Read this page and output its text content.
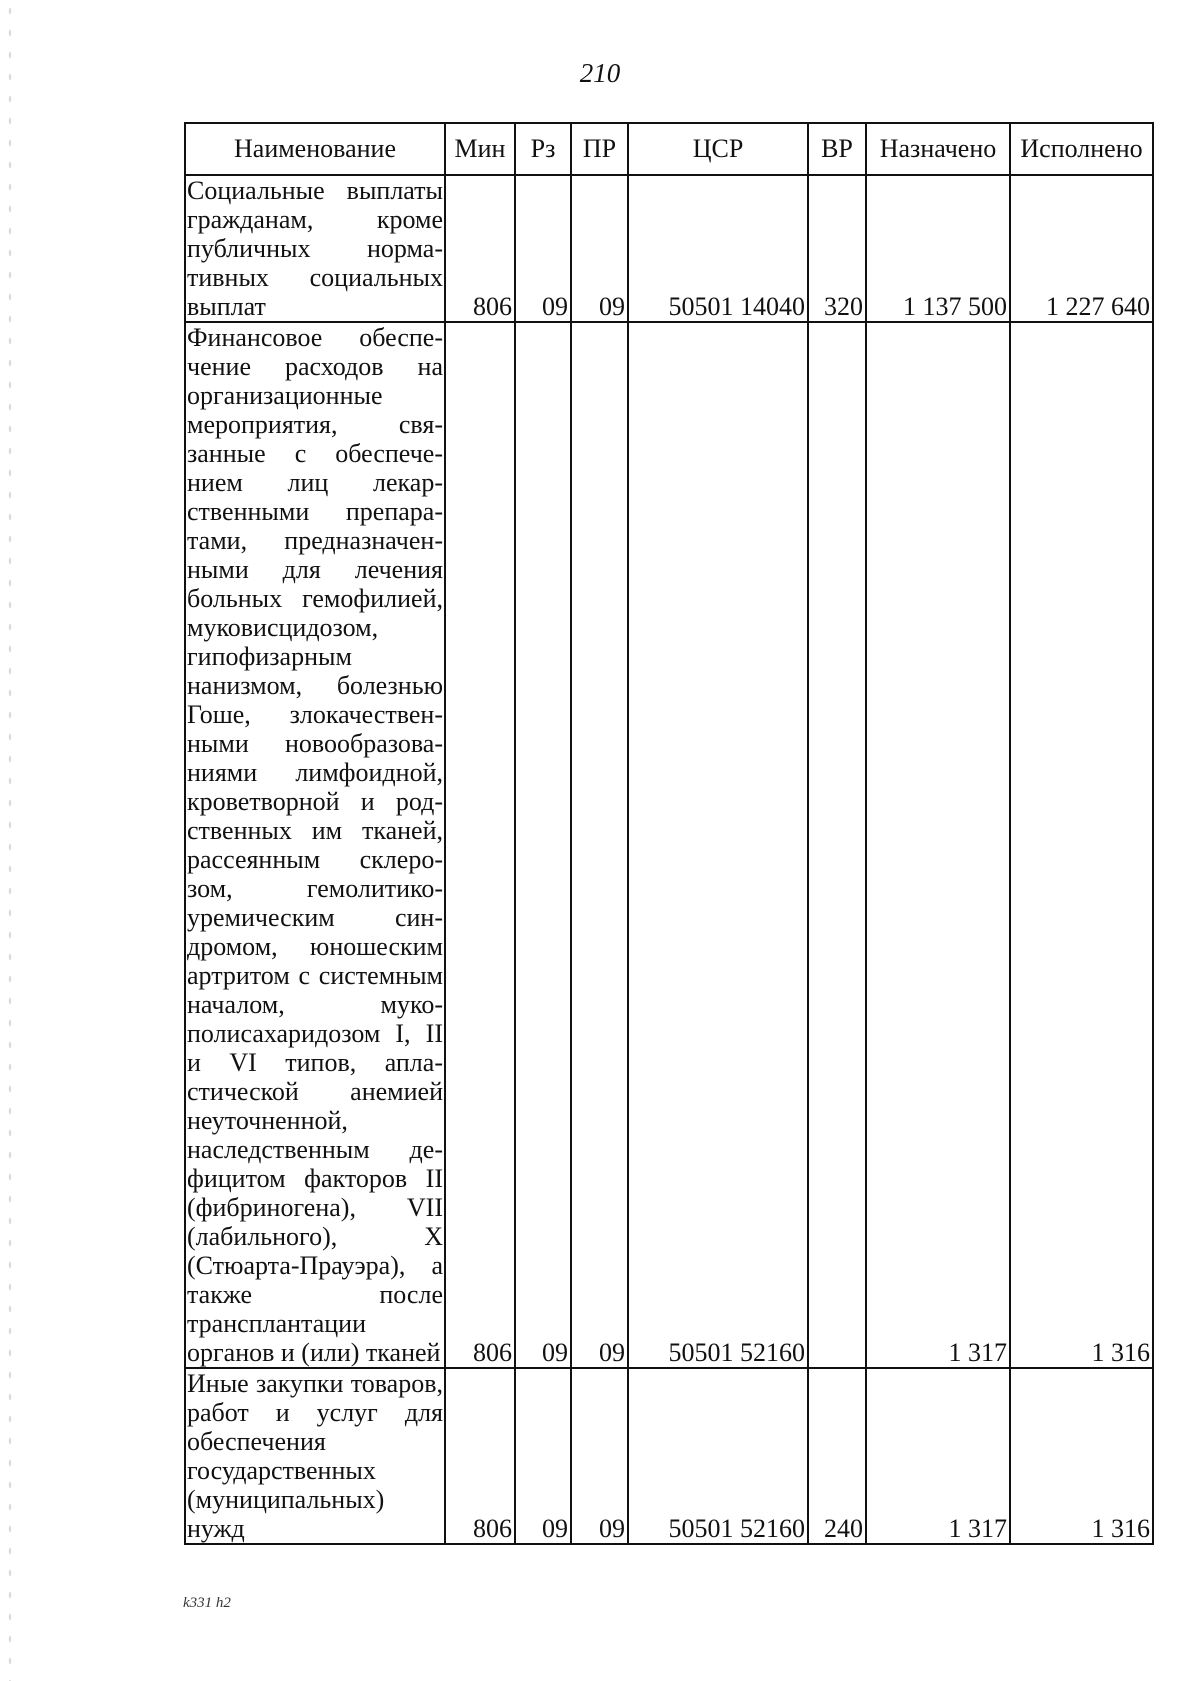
210
Наименование	Мин	Рз	ПР	ЦСР	ВР	Назначено	Исполнено
Социальные выплаты гражданам, кроме публичных нормативных социальных выплат	806	09	09	50501 14040	320	1 137 500	1 227 640
Финансовое обеспечение расходов на организационные мероприятия, связанные с обеспечением лиц лекарственными препаратами, предназначенными для лечения больных гемофилией, муковисцидозом, гипофизарным нанизмом, болезнью Гоше, злокачественными новообразованиями лимфоидной, кроветворной и родственных им тканей, рассеянным склерозом, гемолитико-уремическим синдромом, юношеским артритом с системным началом, мукополисахаридозом I, II и VI типов, апластической анемией неуточненной, наследственным дефицитом факторов II (фибриногена), VII (лабильного), X (Стюарта-Прауэра), а также после трансплантации органов и (или) тканей	806	09	09	50501 52160		1 317	1 316
Иные закупки товаров, работ и услуг для обеспечения государственных (муниципальных) нужд	806	09	09	50501 52160	240	1 317	1 316
k331 h2
